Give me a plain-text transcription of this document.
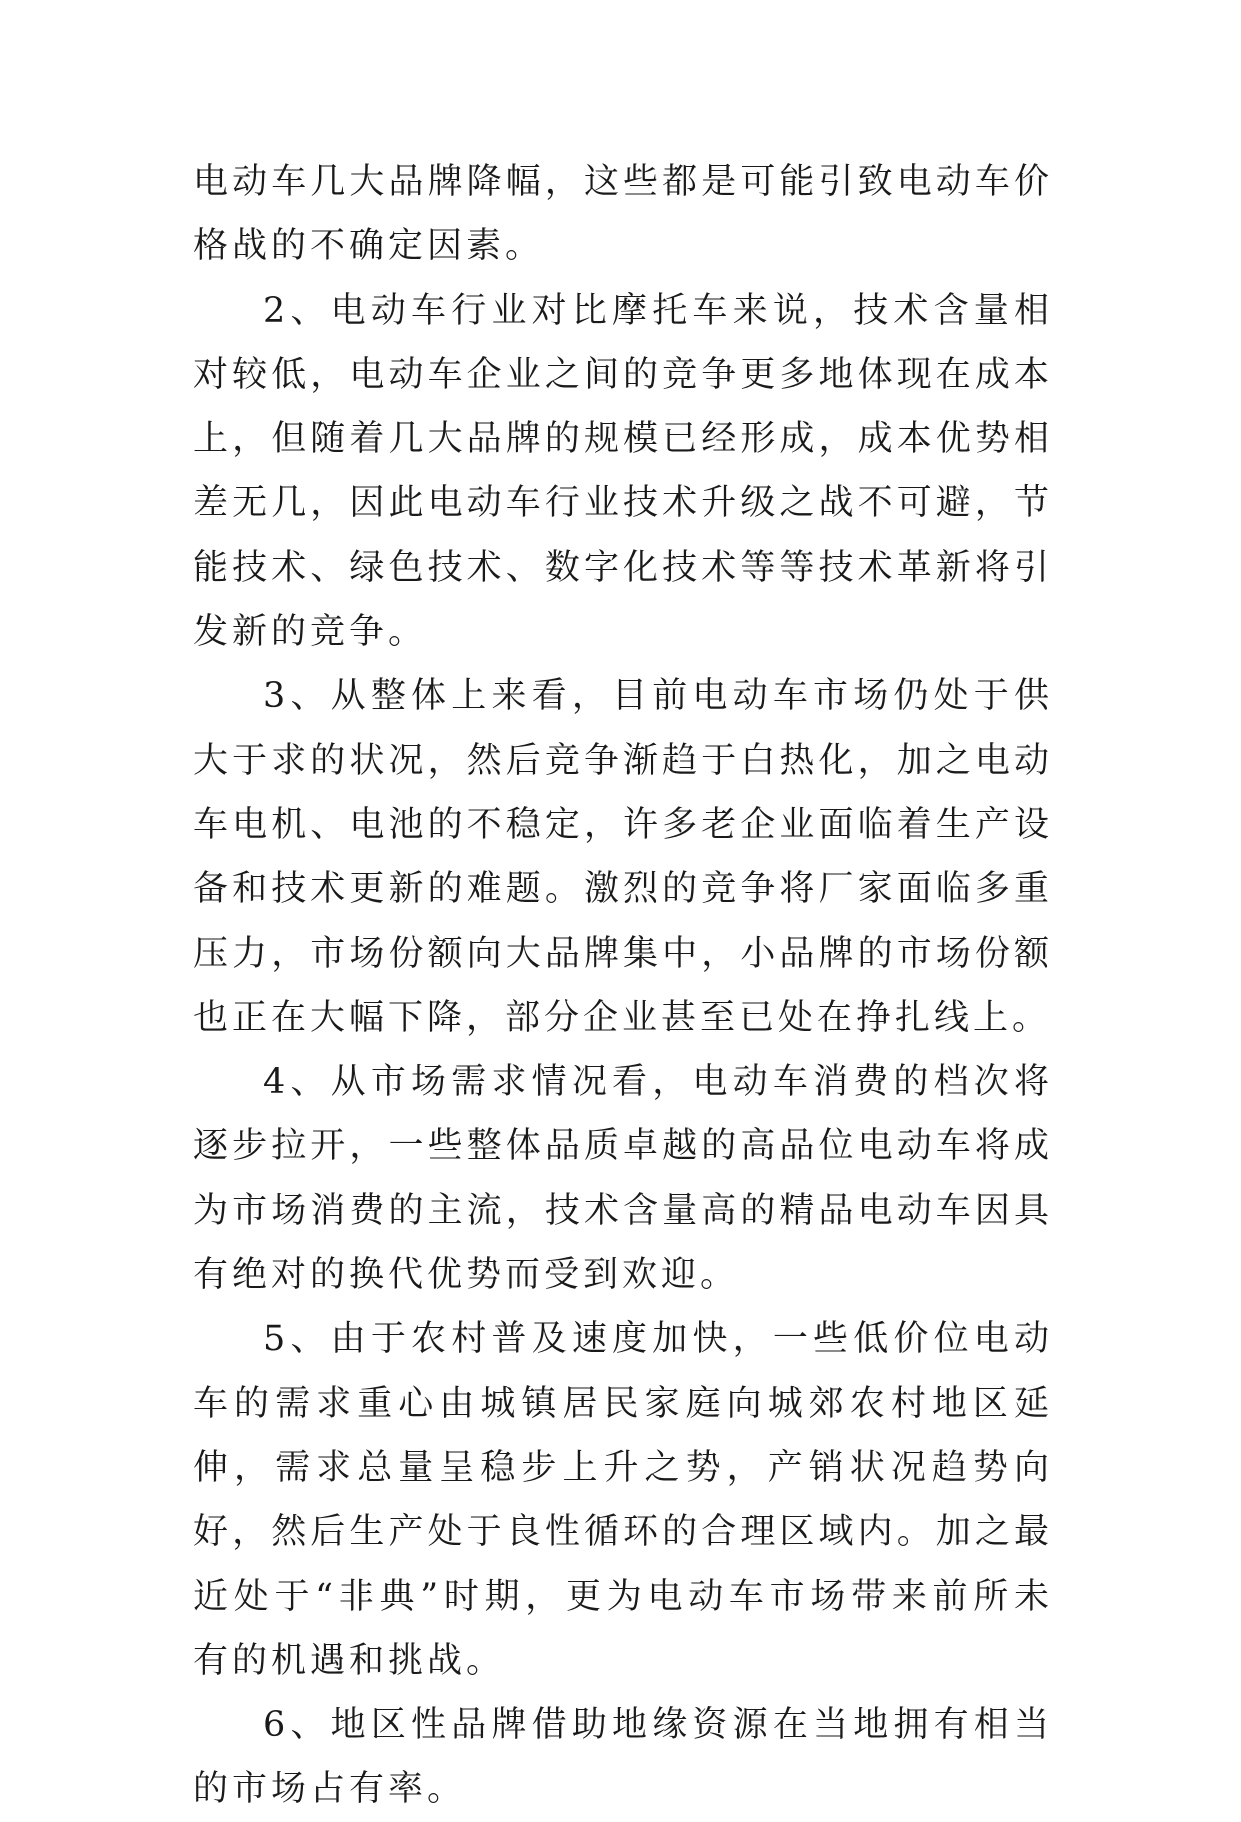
电动车几大品牌降幅，这些都是可能引致电动车价格战的不确定因素。

2、电动车行业对比摩托车来说，技术含量相对较低，电动车企业之间的竞争更多地体现在成本上，但随着几大品牌的规模已经形成，成本优势相差无几，因此电动车行业技术升级之战不可避，节能技术、绿色技术、数字化技术等等技术革新将引发新的竞争。

3、从整体上来看，目前电动车市场仍处于供大于求的状况，然后竞争渐趋于白热化，加之电动车电机、电池的不稳定，许多老企业面临着生产设备和技术更新的难题。激烈的竞争将厂家面临多重压力，市场份额向大品牌集中，小品牌的市场份额也正在大幅下降，部分企业甚至已处在挣扎线上。

4、从市场需求情况看，电动车消费的档次将逐步拉开，一些整体品质卓越的高品位电动车将成为市场消费的主流，技术含量高的精品电动车因具有绝对的换代优势而受到欢迎。

5、由于农村普及速度加快，一些低价位电动车的需求重心由城镇居民家庭向城郊农村地区延伸，需求总量呈稳步上升之势，产销状况趋势向好，然后生产处于良性循环的合理区域内。加之最近处于“非典”时期，更为电动车市场带来前所未有的机遇和挑战。

6、地区性品牌借助地缘资源在当地拥有相当的市场占有率。
